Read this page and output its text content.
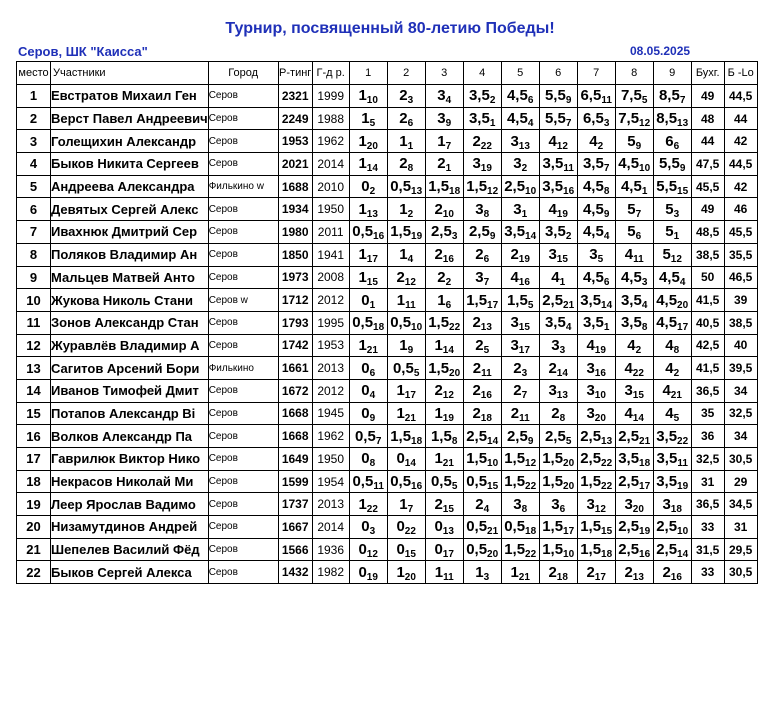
Турнир, посвященный 80-летию Победы!
Серов, ШК "Каисса"	08.05.2025
место	Участники	Город	Р-тинг	Г-д р.	1	2	3	4	5	6	7	8	9	Бухг.	Б -Lo
1	Евстратов Михаил Ген	Серов	2321	1999	$1_{10}$	$2_3$	$3_4$	$3,5_2$	$4,5_6$	$5,5_9$	$6,5_{11}$	$7,5_5$	$8,5_7$	49	44,5
2	Верст Павел Андреевич	Серов	2249	1988	$1_5$	$2_6$	$3_9$	$3,5_1$	$4,5_4$	$5,5_7$	$6,5_3$	$7,5_{12}$	$8,5_{13}$	48	44
3	Голещихин Александр	Серов	1953	1962	$1_{20}$	$1_1$	$1_7$	$2_{22}$	$3_{13}$	$4_{12}$	$4_2$	$5_9$	$6_6$	44	42
4	Быков Никита Сергеев	Серов	2021	2014	$1_{14}$	$2_8$	$2_1$	$3_{19}$	$3_2$	$3,5_{11}$	$3,5_7$	$4,5_{10}$	$5,5_9$	47,5	44,5
5	Андреева Александра	Филькино w	1688	2010	$0_2$	$0,5_{13}$	$1,5_{18}$	$1,5_{12}$	$2,5_{10}$	$3,5_{16}$	$4,5_8$	$4,5_1$	$5,5_{15}$	45,5	42
6	Девятых Сергей Алекс	Серов	1934	1950	$1_{13}$	$1_2$	$2_{10}$	$3_8$	$3_1$	$4_{19}$	$4,5_9$	$5_7$	$5_3$	49	46
7	Ивахнюк Дмитрий Сер	Серов	1980	2011	$0,5_{16}$	$1,5_{19}$	$2,5_3$	$2,5_9$	$3,5_{14}$	$3,5_2$	$4,5_4$	$5_6$	$5_1$	48,5	45,5
8	Поляков Владимир Ан	Серов	1850	1941	$1_{17}$	$1_4$	$2_{16}$	$2_6$	$2_{19}$	$3_{15}$	$3_5$	$4_{11}$	$5_{12}$	38,5	35,5
9	Мальцев Матвей Анто	Серов	1973	2008	$1_{15}$	$2_{12}$	$2_2$	$3_7$	$4_{16}$	$4_1$	$4,5_6$	$4,5_3$	$4,5_4$	50	46,5
10	Жукова Николь Стани	Серов w	1712	2012	$0_1$	$1_{11}$	$1_6$	$1,5_{17}$	$1,5_5$	$2,5_{21}$	$3,5_{14}$	$3,5_4$	$4,5_{20}$	41,5	39
11	Зонов Александр Стан	Серов	1793	1995	$0,5_{18}$	$0,5_{10}$	$1,5_{22}$	$2_{13}$	$3_{15}$	$3,5_4$	$3,5_1$	$3,5_8$	$4,5_{17}$	40,5	38,5
12	Журавлёв Владимир А	Серов	1742	1953	$1_{21}$	$1_9$	$1_{14}$	$2_5$	$3_{17}$	$3_3$	$4_{19}$	$4_2$	$4_8$	42,5	40
13	Сагитов Арсений Бори	Филькино	1661	2013	$0_6$	$0,5_5$	$1,5_{20}$	$2_{11}$	$2_3$	$2_{14}$	$3_{16}$	$4_{22}$	$4_2$	41,5	39,5
14	Иванов Тимофей Дмит	Серов	1672	2012	$0_4$	$1_{17}$	$2_{12}$	$2_{16}$	$2_7$	$3_{13}$	$3_{10}$	$3_{15}$	$4_{21}$	36,5	34
15	Потапов Александр Ві	Серов	1668	1945	$0_9$	$1_{21}$	$1_{19}$	$2_{18}$	$2_{11}$	$2_8$	$3_{20}$	$4_{14}$	$4_5$	35	32,5
16	Волков Александр Па	Серов	1668	1962	$0,5_7$	$1,5_{18}$	$1,5_8$	$2,5_{14}$	$2,5_9$	$2,5_5$	$2,5_{13}$	$2,5_{21}$	$3,5_{22}$	36	34
17	Гаврилюк Виктор Нико	Серов	1649	1950	$0_8$	$0_{14}$	$1_{21}$	$1,5_{10}$	$1,5_{12}$	$1,5_{20}$	$2,5_{22}$	$3,5_{18}$	$3,5_{11}$	32,5	30,5
18	Некрасов Николай Ми	Серов	1599	1954	$0,5_{11}$	$0,5_{16}$	$0,5_5$	$0,5_{15}$	$1,5_{22}$	$1,5_{20}$	$1,5_{22}$	$2,5_{17}$	$3,5_{19}$	31	29
19	Леер Ярослав Вадимо	Серов	1737	2013	$1_{22}$	$1_7$	$2_{15}$	$2_4$	$3_8$	$3_6$	$3_{12}$	$3_{20}$	$3_{18}$	36,5	34,5
20	Низамутдинов Андрей	Серов	1667	2014	$0_3$	$0_{22}$	$0_{13}$	$0,5_{21}$	$0,5_{18}$	$1,5_{17}$	$1,5_{15}$	$2,5_{19}$	$2,5_{10}$	33	31
21	Шепелев Василий Фёд	Серов	1566	1936	$0_{12}$	$0_{15}$	$0_{17}$	$0,5_{20}$	$1,5_{22}$	$1,5_{10}$	$1,5_{18}$	$2,5_{16}$	$2,5_{14}$	31,5	29,5
22	Быков Сергей Алекса	Серов	1432	1982	$0_{19}$	$1_{20}$	$1_{11}$	$1_3$	$1_{21}$	$2_{18}$	$2_{17}$	$2_{13}$	$2_{16}$	33	30,5
